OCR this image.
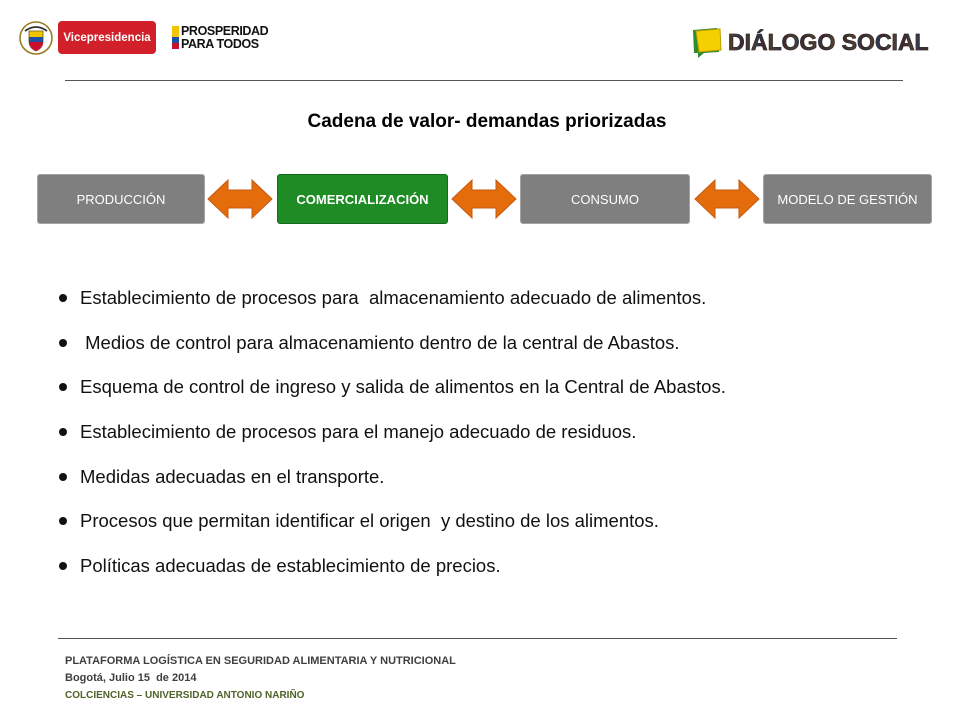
Vicepresidencia PROSPERIDAD
PARA TODOS	DIÁLOGO SOCIAL
Cadena de valor- demandas priorizadas
PRODUCCIÓN	COMERCIALIZACIÓN	CONSUMO	MODELO DE GESTIÓN
Establecimiento de procesos para  almacenamiento adecuado de alimentos.
Medios de control para almacenamiento dentro de la central de Abastos.
Esquema de control de ingreso y salida de alimentos en la Central de Abastos.
Establecimiento de procesos para el manejo adecuado de residuos.
Medidas adecuadas en el transporte.
Procesos que permitan identificar el origen  y destino de los alimentos.
Políticas adecuadas de establecimiento de precios.
PLATAFORMA LOGÍSTICA EN SEGURIDAD ALIMENTARIA Y NUTRICIONAL
Bogotá, Julio 15  de 2014
COLCIENCIAS – UNIVERSIDAD ANTONIO NARIÑO
